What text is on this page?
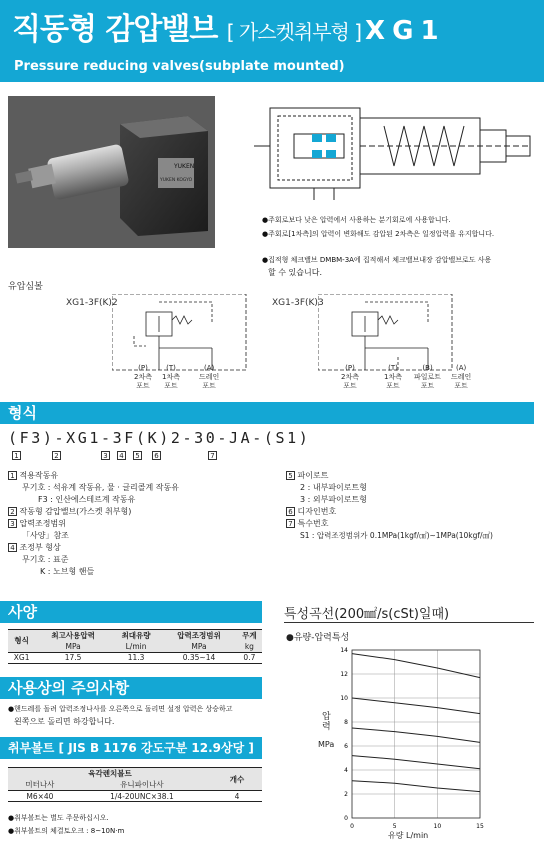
직동형 감압밸브 [ 가스켓취부형 ] X G 1
Pressure reducing valves(subplate mounted)
YUKEN
YUKEN KOGYO
●주회로보다 낮은 압력에서 사용하는 분기회로에 사용합니다.
●주회로[1차측]의 압력이 변화해도 감압된 2차측은 일정압력을 유지합니다.
●집적형 체크밸브 DMBM-3A에 집적해서 체크밸브내장 감압밸브로도 사용
할 수 있습니다.
유압심볼
XG1-3F(K)2
(P)
2차측
포트
(T)
1차측
포트
(A)
드레인
포트
XG1-3F(K)3
(P)
2차측
포트
(T)
1차측
포트
(B)
파일로트
포트
(A)
드레인
포트
형식
(F3)-XG1-3F(K)2-30-JA-(S1)
1	2	3	4	5	6	7
1 적용작동유
무기호 : 석유계 작동유, 물 · 글리콜계 작동유
F3 : 인산에스테르계 작동유
2 작동형 감압밸브(가스켓 취부형)
3 압력조정범위
「사양」참조
4 조정부 형상
무기호 : 표준
K : 노브형 핸들
5 파이로트
2 : 내부파이로트형
3 : 외부파이로트형
6 디자인번호
7 특수번호
S1 : 압력조정범위가 0.1MPa(1kgf/㎠)~1MPa(10kgf/㎠)
사양
형식	최고사용압력	최대유량	압력조정범위	무게
	MPa	L/min	MPa	kg
XG1	17.5	11.3	0.35~14	0.7
사용상의 주의사항
●핸드레를 돌려 압력조정나사를 오른쪽으로 돌리면 설정 압력은 상승하고
왼쪽으로 돌리면 하강합니다.
취부볼트 [ JIS B 1176 강도구분 12.9상당 ]
육각렌치볼트		개수
미터나사	유니파이나사	
M6×40	1/4-20UNC×38.1	4
●취부볼트는 별도 주문하십시오.
●취부볼트의 체결토오크 : 8~10N·m
특성곡선(200㎟/s(cSt)일때)
●유량-압력특성
0
2
4
6
8
10
12
14
0	5	10	15
압력
MPa
유량 L/min
